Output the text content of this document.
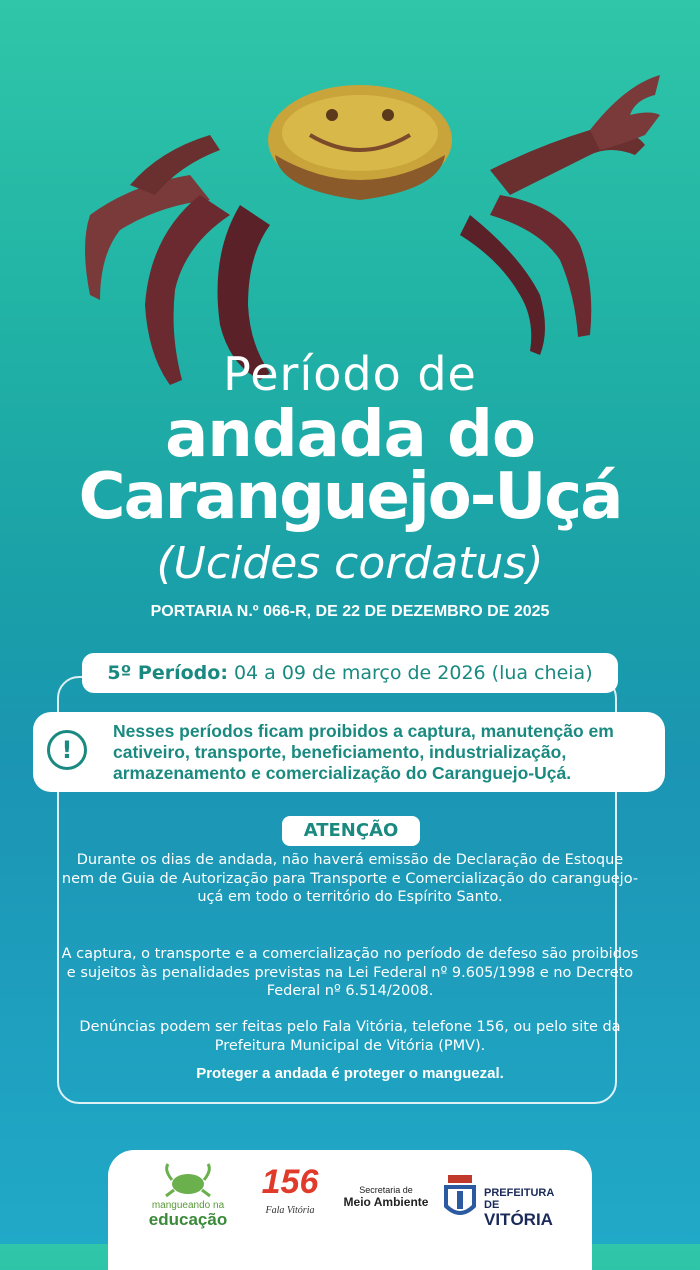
Período de
andada do
Caranguejo-Uçá
(Ucides cordatus)
PORTARIA N.º 066-R, DE 22 DE DEZEMBRO DE 2025
5º Período: 04 a 09 de março de 2026 (lua cheia)
!
Nesses períodos ficam proibidos a captura, manutenção em cativeiro, transporte, beneficiamento, industrialização, armazenamento e comercialização do Caranguejo-Uçá.
ATENÇÃO
Durante os dias de andada, não haverá emissão de Declaração de Estoque nem de Guia de Autorização para Transporte e Comercialização do caranguejo-uçá em todo o território do Espírito Santo.
A captura, o transporte e a comercialização no período de defeso são proibidos e sujeitos às penalidades previstas na Lei Federal nº 9.605/1998 e no Decreto Federal nº 6.514/2008.
Denúncias podem ser feitas pelo Fala Vitória, telefone 156, ou pelo site da Prefeitura Municipal de Vitória (PMV).
Proteger a andada é proteger o manguezal.
mangueando na
educação
156
Fala Vitória
Secretaria de
Meio Ambiente
PREFEITURA DE
VITÓRIA
